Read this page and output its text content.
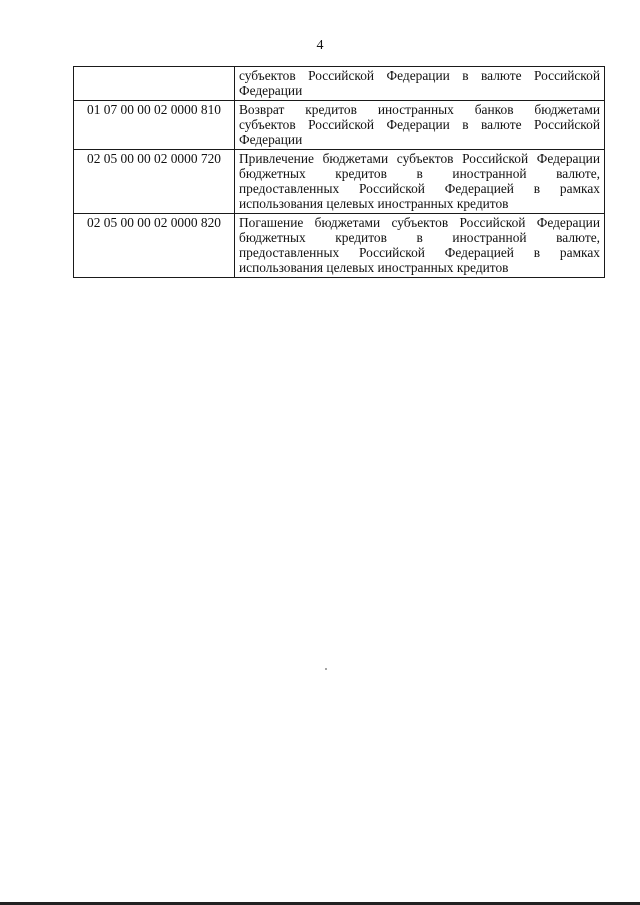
4

	субъектов Российской Федерации в валюте Российской
Федерации

01 07 00 00 02 0000 810	Возврат кредитов иностранных банков бюджетами
субъектов Российской Федерации в валюте Российской
Федерации

02 05 00 00 02 0000 720	Привлечение бюджетами субъектов Российской Федерации
бюджетных кредитов в иностранной валюте,
предоставленных Российской Федерацией в рамках
использования целевых иностранных кредитов

02 05 00 00 02 0000 820	Погашение бюджетами субъектов Российской Федерации
бюджетных кредитов в иностранной валюте,
предоставленных Российской Федерацией в рамках
использования целевых иностранных кредитов
